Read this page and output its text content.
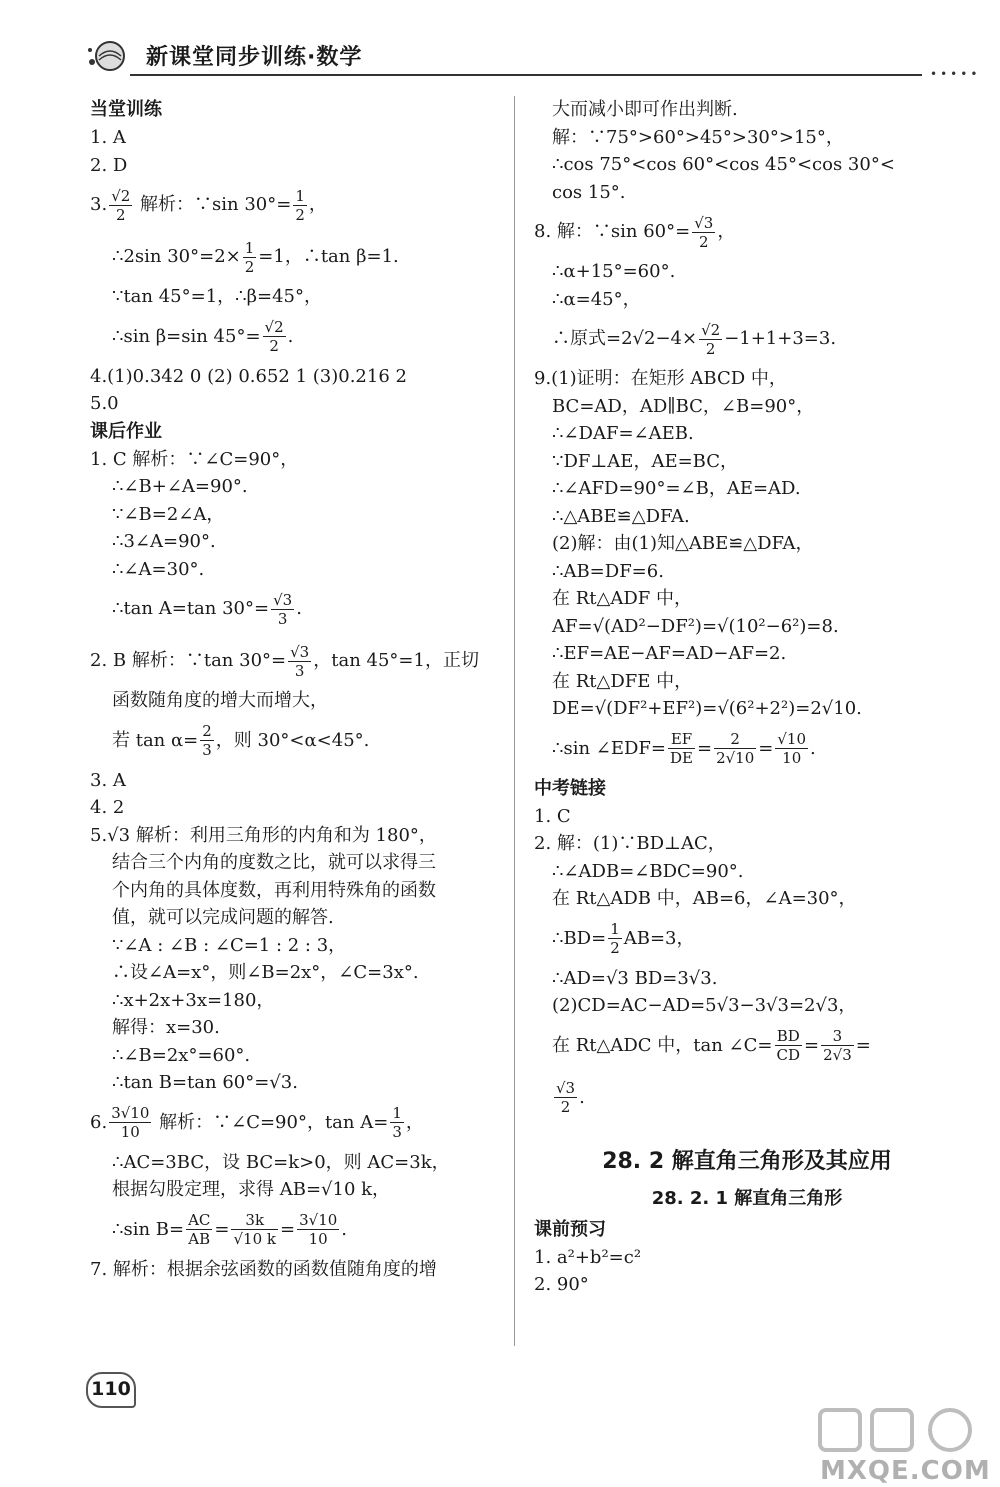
新课堂同步训练·数学
•••••
当堂训练
1. A
2. D
3. $\frac{√2}{2}$ 解析：∵sin $30^\circ= \frac{1}{2}$ ，
∴2sin $30^\circ=2\times \frac{1}{2} =1$，∴tan β=1.
∵tan 45°=1，∴β=45°，
∴sin β=sin $45^\circ= \frac{√2}{2}$ .
4.(1)0.342 0 (2) 0.652 1 (3)0.216 2
5.0
课后作业
1. C 解析：∵∠C=90°，
∴∠B+∠A=90°.
∵∠B=2∠A，
∴3∠A=90°.
∴∠A=30°.
∴tan A=tan $30^\circ= \frac{√3}{3}$ .
2. B 解析：∵tan $30^\circ= \frac{√3}{3}$ ，tan 45°=1，正切
函数随角度的增大而增大，
若 $\tan \alpha= \frac{2}{3}$ ，则 30°<α<45°.
3. A
4. 2
5.√3 解析：利用三角形的内角和为 180°，
结合三个内角的度数之比，就可以求得三
个内角的具体度数，再利用特殊角的函数
值，就可以完成问题的解答.
∵∠A : ∠B : ∠C=1 : 2 : 3，
∴设∠A=x°，则∠B=2x°，∠C=3x°.
∴x+2x+3x=180，
解得：x=30.
∴∠B=2x°=60°.
∴tan B=tan 60°=√3.
6. $\frac{3√10}{10}$ 解析：∵∠C=90°，$\tan A= \frac{1}{3}$ ，
∴AC=3BC，设 BC=k>0，则 AC=3k，
根据勾股定理，求得 AB=√10 k，
∴sin $B= \frac{AC}{AB} = \frac{3k}{√10 k} = \frac{3√10}{10}$ .
7. 解析：根据余弦函数的函数值随角度的增
大而减小即可作出判断.
解：∵75°>60°>45°>30°>15°，
∴cos 75°<cos 60°<cos 45°<cos 30°<
cos 15°.
8. 解：∵sin $60^\circ= \frac{√3}{2}$ ，
∴α+15°=60°.
∴α=45°，
∴原式$=2√2-4\times \frac{√2}{2} -1+1+3=3$.
9.(1)证明：在矩形 ABCD 中，
BC=AD，AD∥BC，∠B=90°，
∴∠DAF=∠AEB.
∵DF⊥AE，AE=BC，
∴∠AFD=90°=∠B，AE=AD.
∴△ABE≌△DFA.
(2)解：由(1)知△ABE≌△DFA，
∴AB=DF=6.
在 Rt△ADF 中，
AF=√(AD²−DF²)=√(10²−6²)=8.
∴EF=AE−AF=AD−AF=2.
在 Rt△DFE 中，
DE=√(DF²+EF²)=√(6²+2²)=2√10.
∴sin ∠EDF= $\frac{EF}{DE} = \frac{2}{2√10} = \frac{√10}{10}$ .
中考链接
1. C
2. 解：(1)∵BD⊥AC，
∴∠ADB=∠BDC=90°.
在 Rt△ADB 中，AB=6，∠A=30°，
∴BD= $\frac{1}{2} AB=3$，
∴AD=√3 BD=3√3.
(2)CD=AC−AD=5√3−3√3=2√3，
在 Rt△ADC 中，tan ∠C= $\frac{BD}{CD} = \frac{3}{2√3}$ =
$\frac{√3}{2}$ .
28. 2 解直角三角形及其应用
28. 2. 1 解直角三角形
课前预习
1. a²+b²=c²
2. 90°
110
MXQE.COM
